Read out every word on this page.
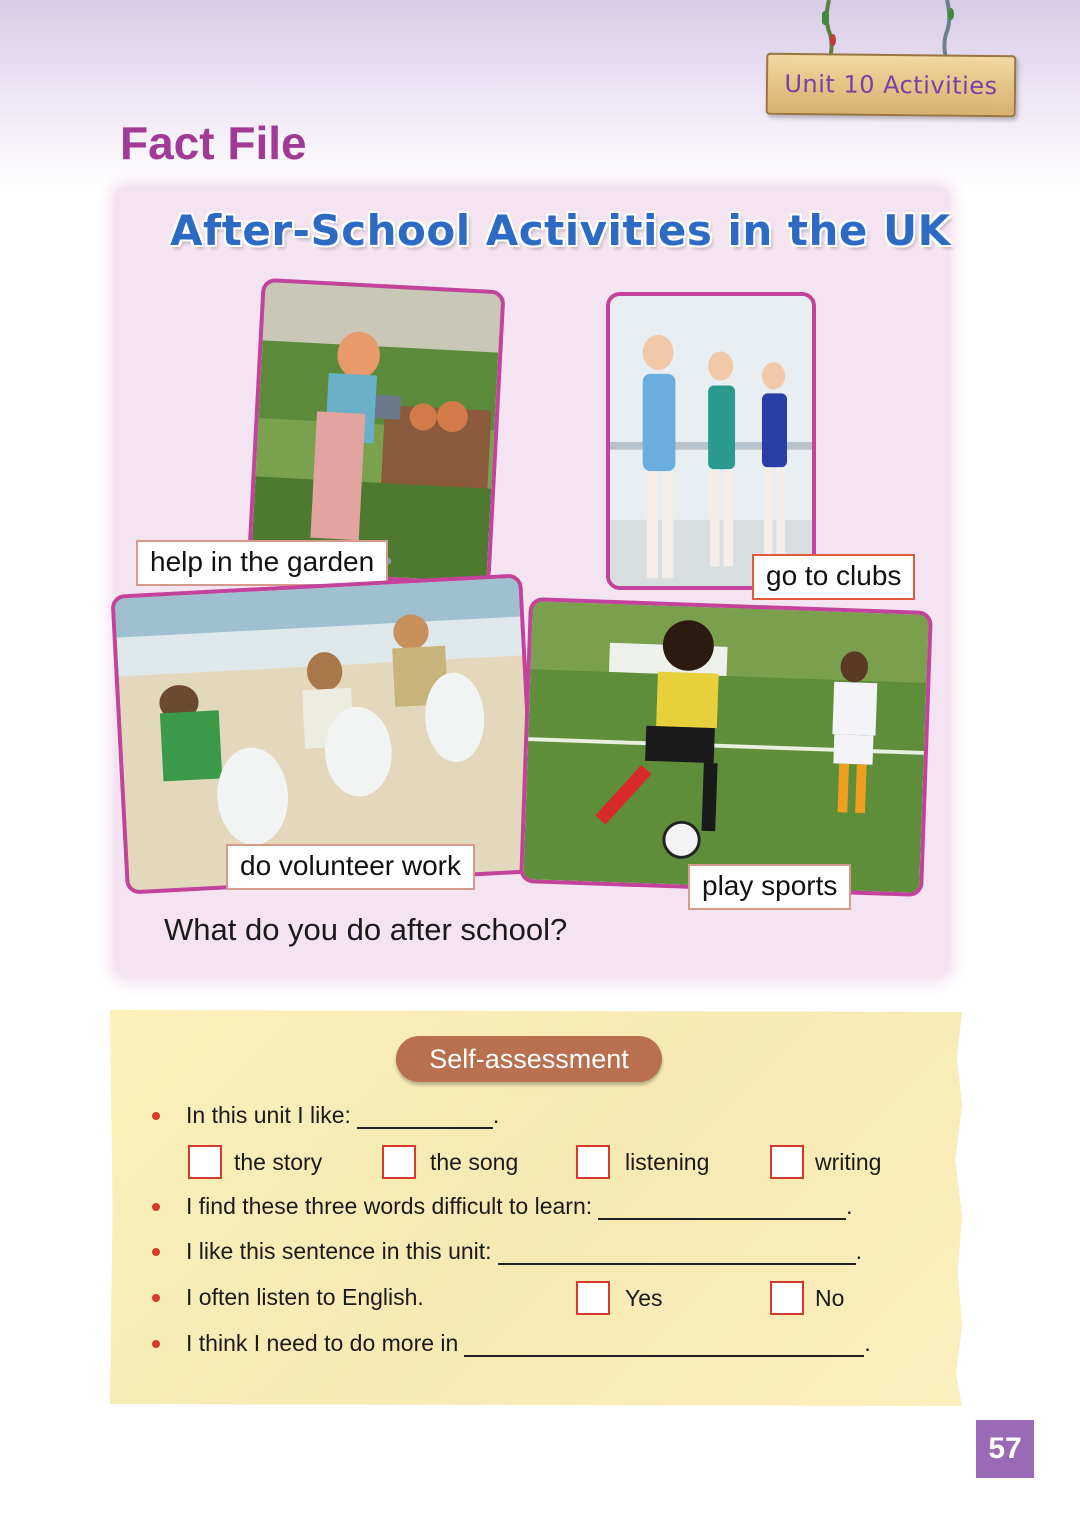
Unit 10 Activities
Fact File
After-School Activities in the UK
help in the garden	go to clubs
do volunteer work
play sports
What do you do after school?
Self-assessment
In this unit I like:	.
the story	the song	listening	writing
I find these three words difficult to learn:	.
I like this sentence in this unit:	.
I often listen to English.	Yes	No
I think I need to do more in	.
57
